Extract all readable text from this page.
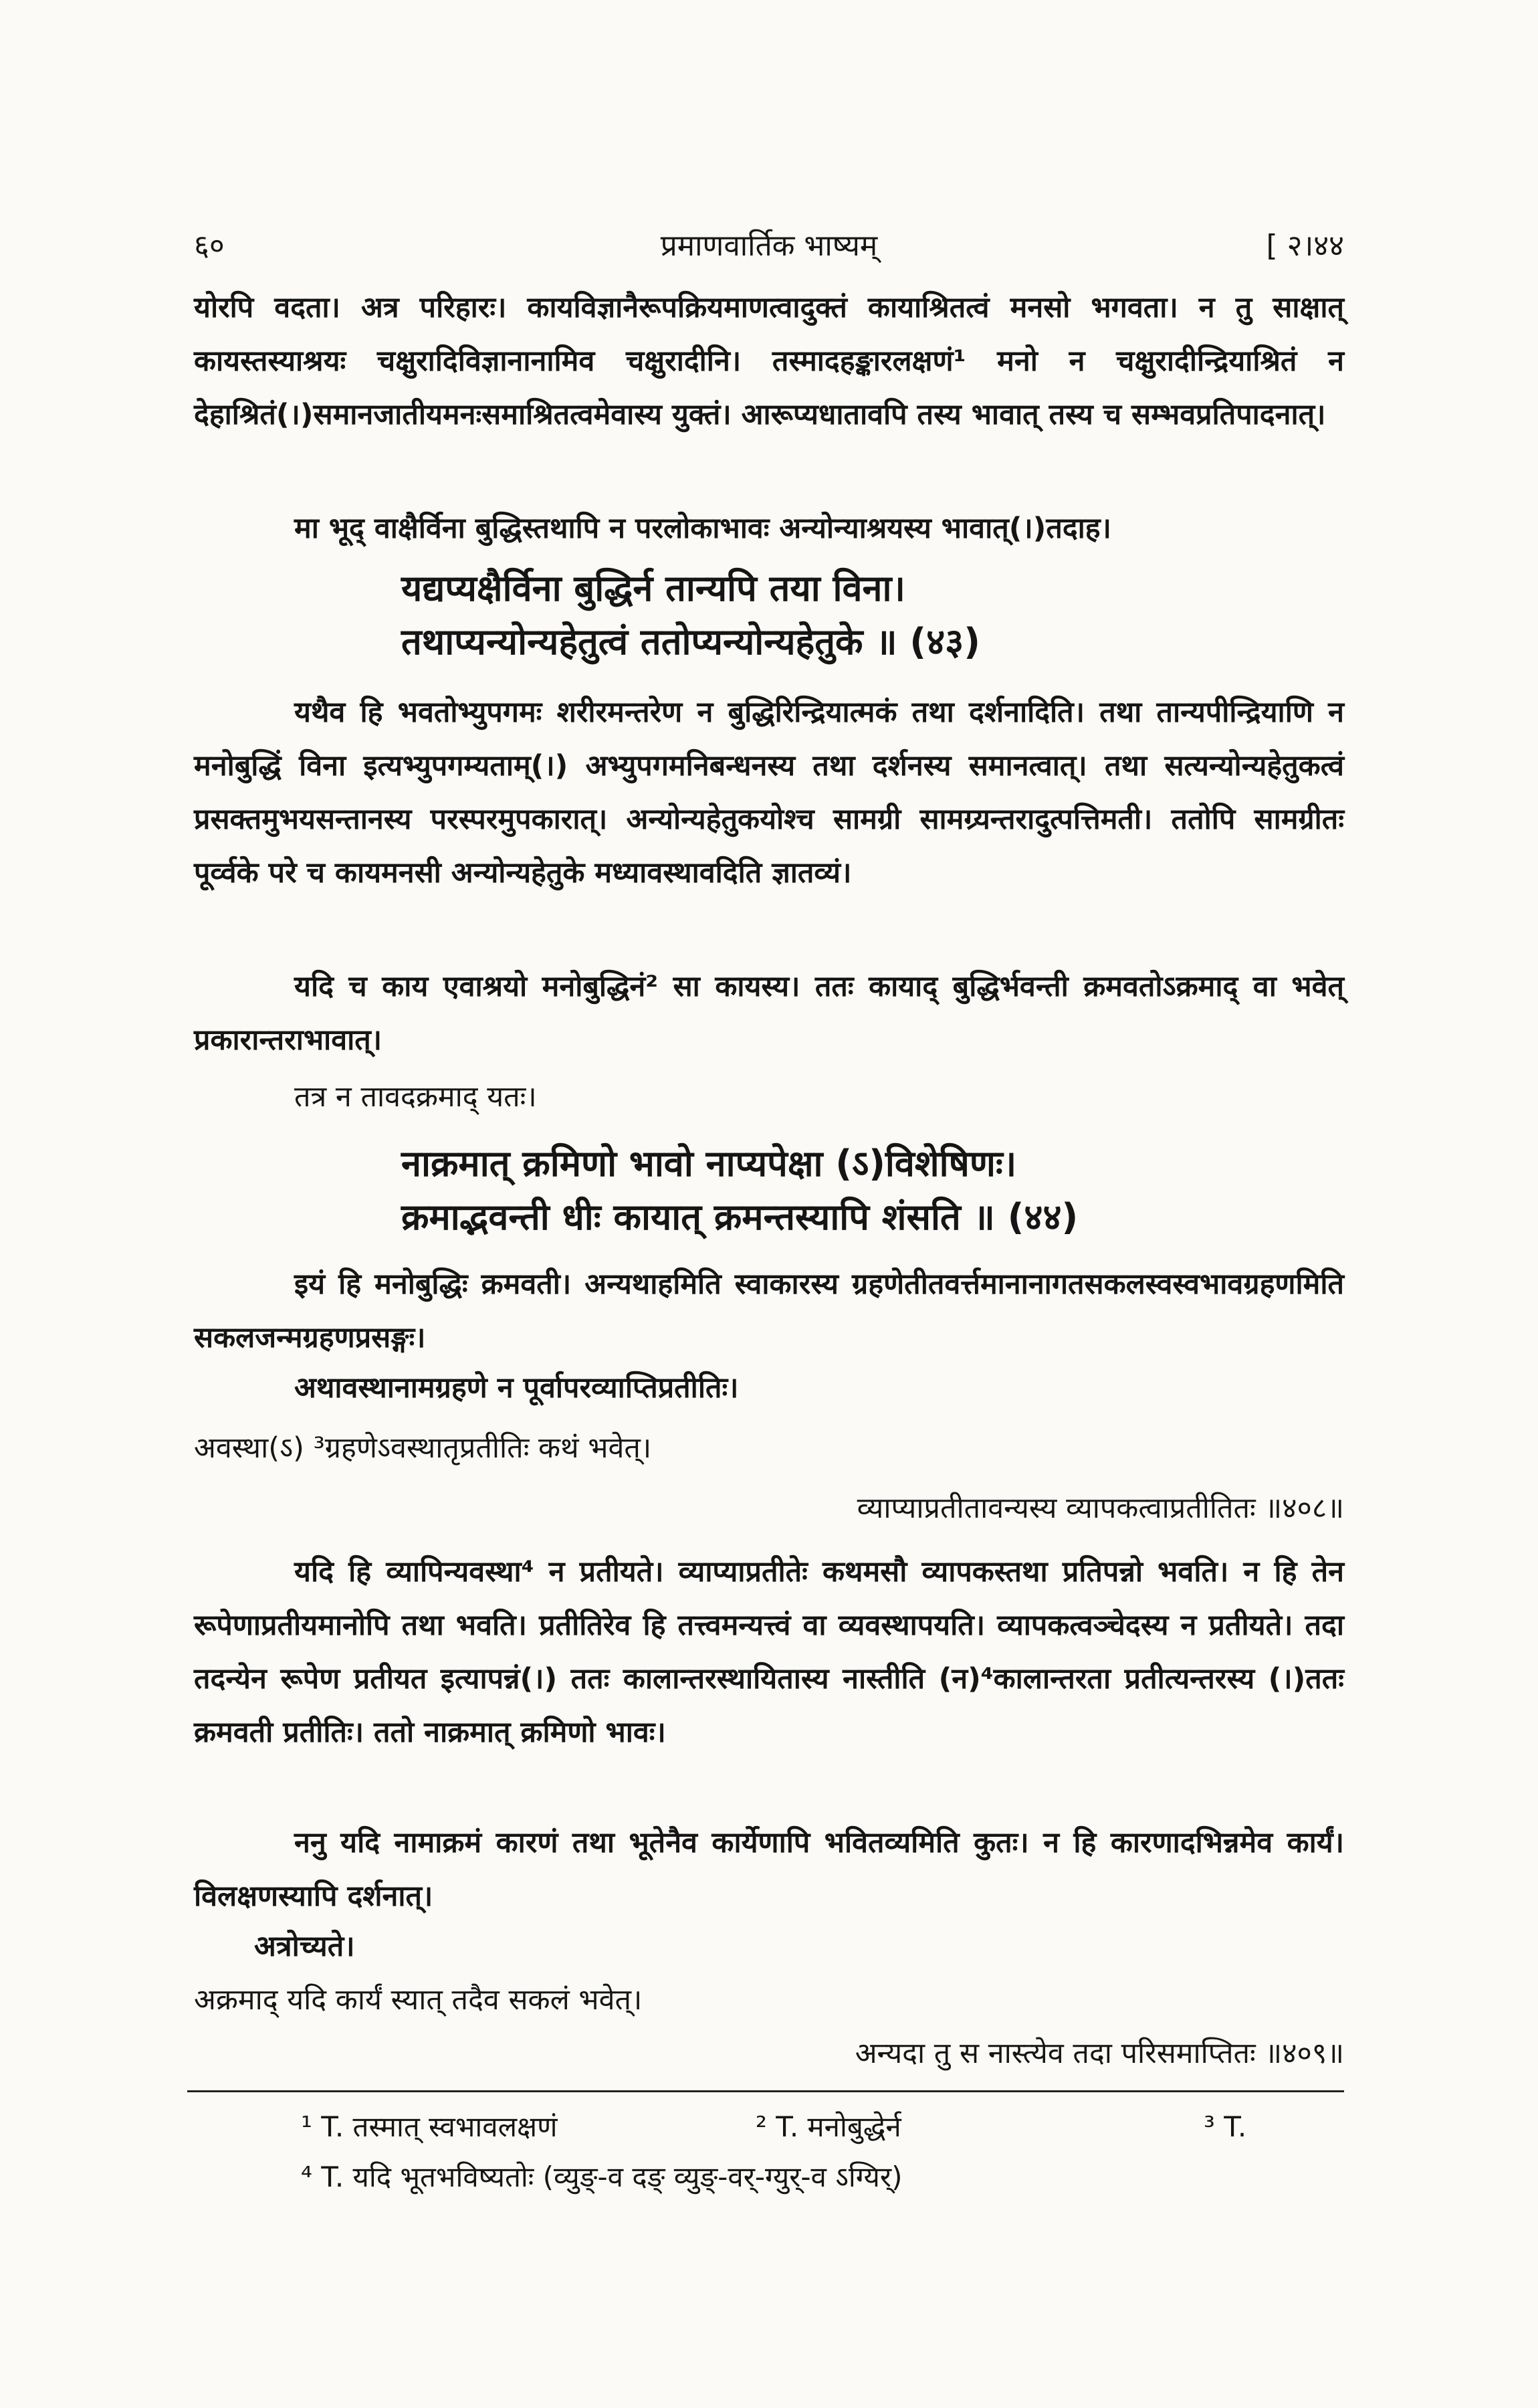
६०	प्रमाणवार्तिक भाष्यम्	[ २।४४

योरपि वदता। अत्र परिहारः। कायविज्ञानैरूपक्रियमाणत्वादुक्तं कायाश्रितत्वं मनसो भगवता। न तु साक्षात् कायस्तस्याश्रयः चक्षुरादिविज्ञानानामिव चक्षुरादीनि। तस्मादहङ्कारलक्षणं¹ मनो न चक्षुरादीन्द्रियाश्रितं न देहाश्रितं(।)समानजातीयमनःसमाश्रितत्वमेवास्य युक्तं। आरूप्यधातावपि तस्य भावात् तस्य च सम्भवप्रतिपादनात्।

मा भूद् वाक्षैर्विना बुद्धिस्तथापि न परलोकाभावः अन्योन्याश्रयस्य भावात्(।)तदाह।

यद्यप्यक्षैर्विना बुद्धिर्न तान्यपि तया विना।

तथाप्यन्योन्यहेतुत्वं ततोप्यन्योन्यहेतुके ॥ (४३)

यथैव हि भवतोभ्युपगमः शरीरमन्तरेण न बुद्धिरिन्द्रियात्मकं तथा दर्शनादिति। तथा तान्यपीन्द्रियाणि न मनोबुद्धिं विना इत्यभ्युपगम्यताम्(।) अभ्युपगमनिबन्धनस्य तथा दर्शनस्य समानत्वात्। तथा सत्यन्योन्यहेतुकत्वं प्रसक्तमुभयसन्तानस्य परस्परमुपकारात्। अन्योन्यहेतुकयोश्च सामग्री सामग्र्यन्तरादुत्पत्तिमती। ततोपि सामग्रीतः पूर्व्वके परे च कायमनसी अन्योन्यहेतुके मध्यावस्थावदिति ज्ञातव्यं।

यदि च काय एवाश्रयो मनोबुद्धिनं² सा कायस्य। ततः कायाद् बुद्धिर्भवन्ती क्रमवतोऽक्रमाद् वा भवेत् प्रकारान्तराभावात्।

तत्र न तावदक्रमाद् यतः।

नाक्रमात् क्रमिणो भावो नाप्यपेक्षा (ऽ)विशेषिणः।

क्रमाद्भवन्ती धीः कायात् क्रमन्तस्यापि शंसति ॥ (४४)

इयं हि मनोबुद्धिः क्रमवती। अन्यथाहमिति स्वाकारस्य ग्रहणेतीतवर्त्तमानानागतसकलस्वस्वभावग्रहणमिति सकलजन्मग्रहणप्रसङ्गः।

अथावस्थानामग्रहणे न पूर्वापरव्याप्तिप्रतीतिः।

अवस्था(ऽ) ³ग्रहणेऽवस्थातृप्रतीतिः कथं भवेत्।

व्याप्याप्रतीतावन्यस्य व्यापकत्वाप्रतीतितः ॥४०८॥

यदि हि व्यापिन्यवस्था⁴ न प्रतीयते। व्याप्याप्रतीतेः कथमसौ व्यापकस्तथा प्रतिपन्नो भवति। न हि तेन रूपेणाप्रतीयमानोपि तथा भवति। प्रतीतिरेव हि तत्त्वमन्यत्त्वं वा व्यवस्थापयति। व्यापकत्वञ्चेदस्य न प्रतीयते। तदा तदन्येन रूपेण प्रतीयत इत्यापन्नं(।) ततः कालान्तरस्थायितास्य नास्तीति (न)⁴कालान्तरता प्रतीत्यन्तरस्य (।)ततः क्रमवती प्रतीतिः। ततो नाक्रमात् क्रमिणो भावः।

ननु यदि नामाक्रमं कारणं तथा भूतेनैव कार्येणापि भवितव्यमिति कुतः। न हि कारणादभिन्नमेव कार्यं। विलक्षणस्यापि दर्शनात्।

अत्रोच्यते।

अक्रमाद् यदि कार्यं स्यात् तदैव सकलं भवेत्।

अन्यदा तु स नास्त्येव तदा परिसमाप्तितः ॥४०९॥

¹ T. तस्मात् स्वभावलक्षणं	² T. मनोबुद्धेर्न	³ T.

⁴ T. यदि भूतभविष्यतोः (व्युङ्-व दङ् व्युङ्-वर्-ग्युर्-व ऽग्यिर्)
